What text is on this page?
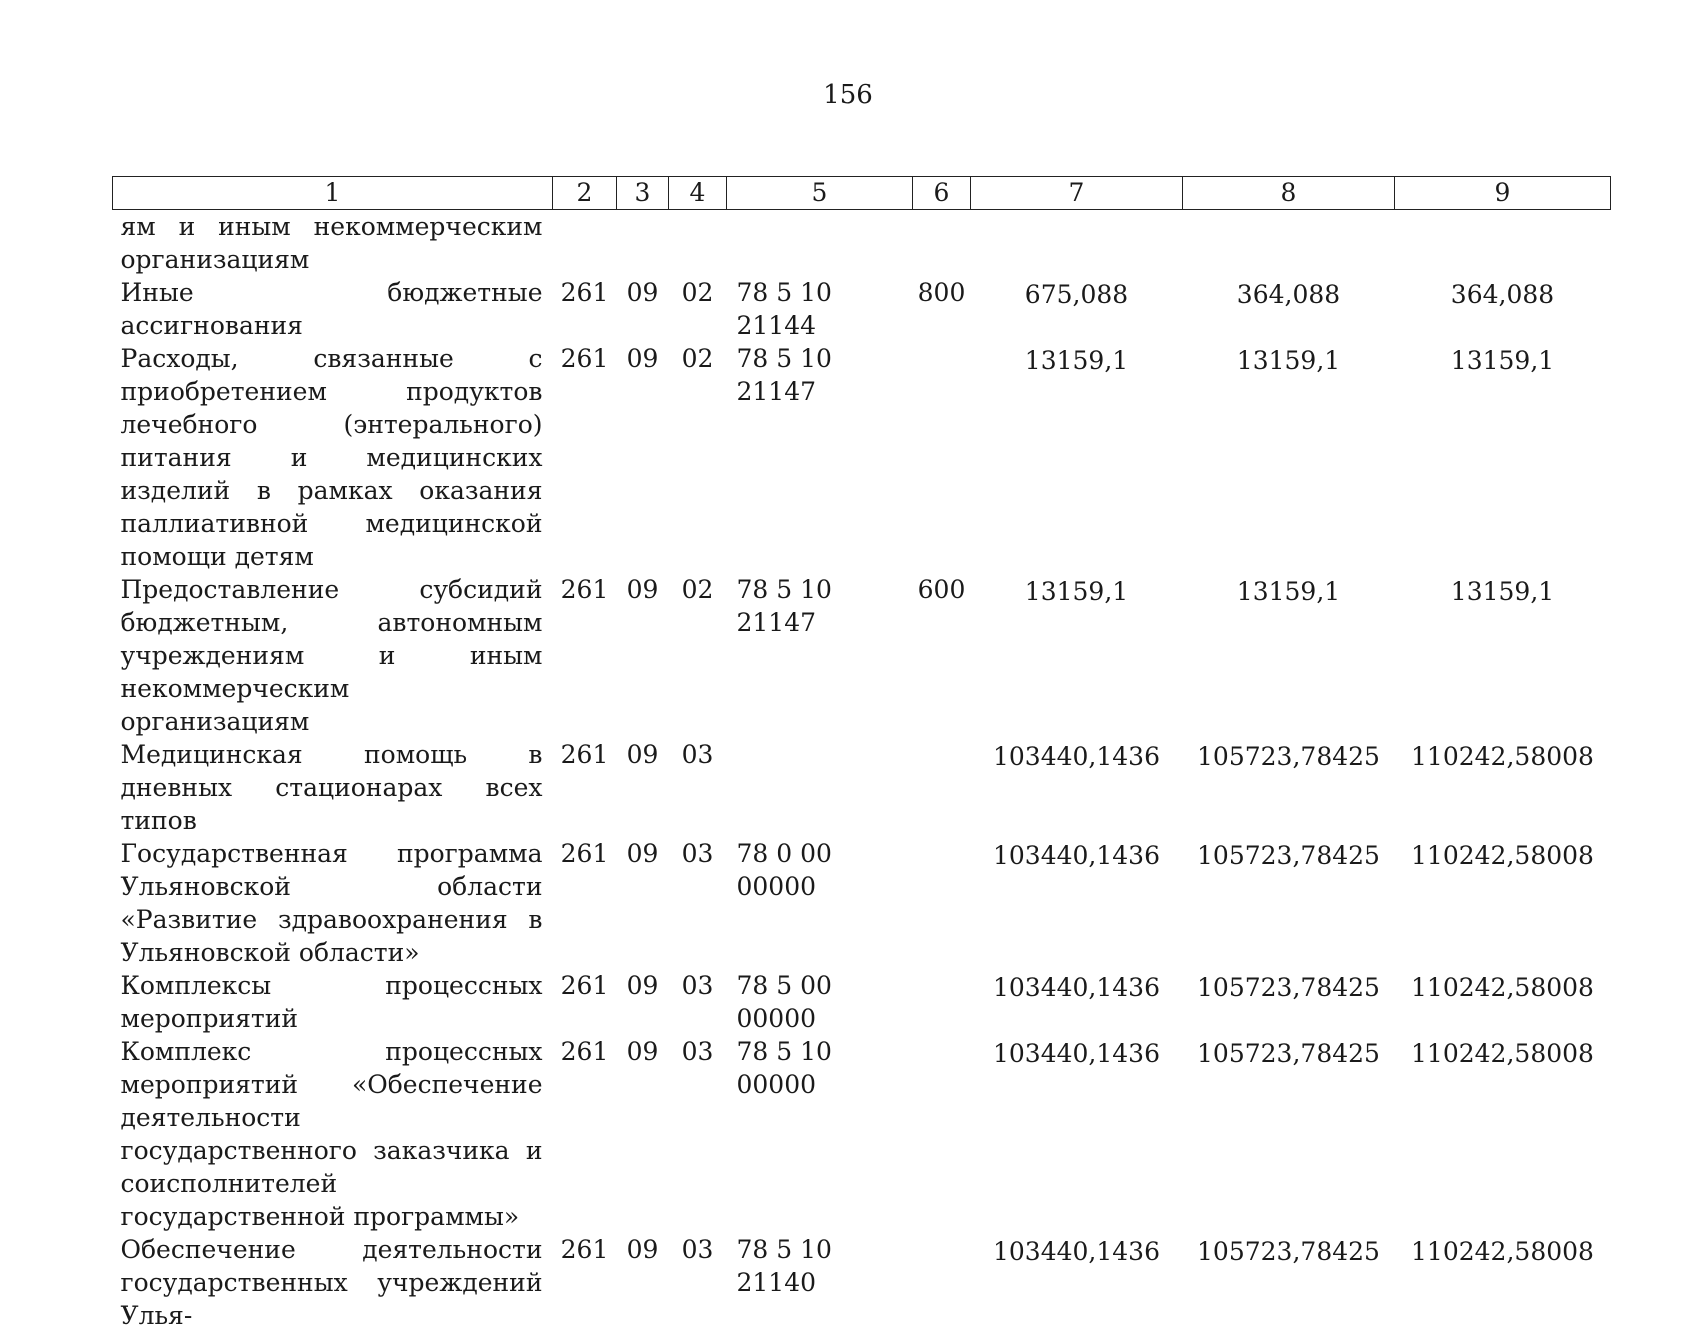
156
1	2	3	4	5	6	7	8	9
ям и иным некоммерческим организациям								
Иные бюджетные ассигнования	261	09	02	78 5 10 21144	800	675,088	364,088	364,088
Расходы, связанные с приобретением продуктов лечебного (энтерального) питания и медицинских изделий в рамках оказания паллиативной медицинской помощи детям	261	09	02	78 5 10 21147		13159,1	13159,1	13159,1
Предоставление субсидий бюджетным, автономным учреждениям и иным некоммерческим организациям	261	09	02	78 5 10 21147	600	13159,1	13159,1	13159,1
Медицинская помощь в дневных стационарах всех типов	261	09	03			103440,1436	105723,78425	110242,58008
Государственная программа Ульяновской области «Развитие здравоохранения в Ульяновской области»	261	09	03	78 0 00 00000		103440,1436	105723,78425	110242,58008
Комплексы процессных мероприятий	261	09	03	78 5 00 00000		103440,1436	105723,78425	110242,58008
Комплекс процессных мероприятий «Обеспечение деятельности государственного заказчика и соисполнителей государственной программы»	261	09	03	78 5 10 00000		103440,1436	105723,78425	110242,58008
Обеспечение деятельности государственных учреждений Улья-	261	09	03	78 5 10 21140		103440,1436	105723,78425	110242,58008
